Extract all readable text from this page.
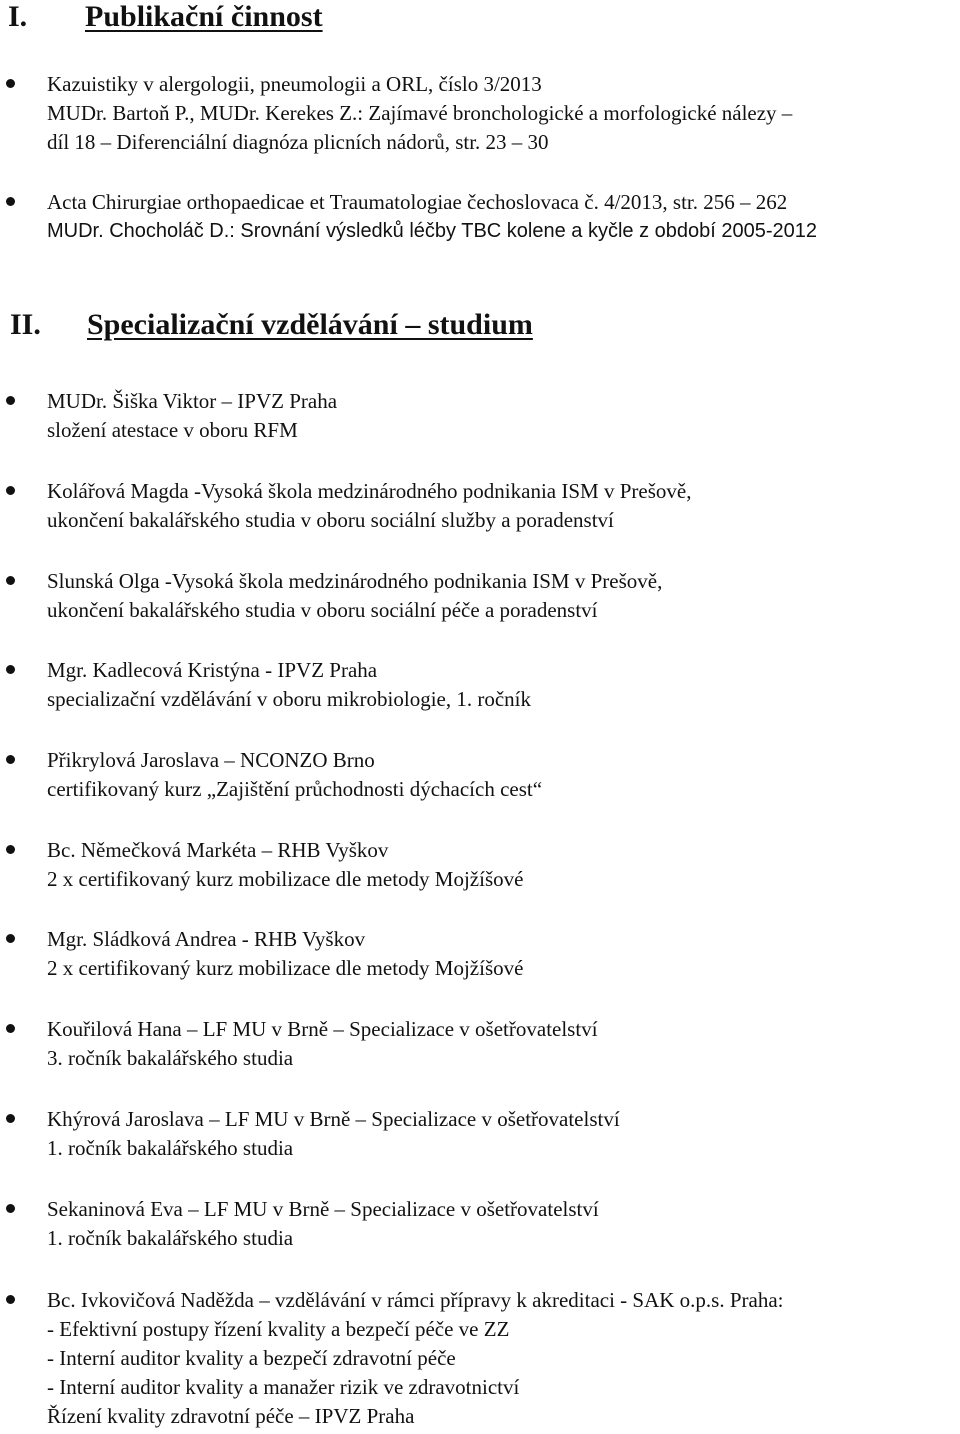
I. Publikační činnost
Kazuistiky v alergologii, pneumologii a ORL, číslo 3/2013
MUDr. Bartoň P., MUDr. Kerekes Z.: Zajímavé bronchologické a morfologické nálezy –
díl 18 – Diferenciální diagnóza plicních nádorů, str. 23 – 30
Acta Chirurgiae orthopaedicae et Traumatologiae čechoslovaca č. 4/2013, str. 256 – 262
MUDr. Chocholáč D.: Srovnání výsledků léčby TBC kolene a kyčle z období 2005-2012
II. Specializační vzdělávání – studium
MUDr. Šiška Viktor – IPVZ Praha
složení atestace v oboru RFM
Kolářová Magda -Vysoká škola medzinárodného podnikania ISM v Prešově,
ukončení bakalářského studia v oboru sociální služby a poradenství
Slunská Olga -Vysoká škola medzinárodného podnikania ISM v Prešově,
ukončení bakalářského studia v oboru sociální péče a poradenství
Mgr. Kadlecová Kristýna - IPVZ Praha
specializační vzdělávání v oboru mikrobiologie, 1. ročník
Přikrylová Jaroslava – NCONZO Brno
certifikovaný kurz „Zajištění průchodnosti dýchacích cest“
Bc. Němečková Markéta – RHB Vyškov
2 x certifikovaný kurz mobilizace dle metody Mojžíšové
Mgr. Sládková Andrea - RHB Vyškov
2 x certifikovaný kurz mobilizace dle metody Mojžíšové
Kouřilová Hana – LF MU v Brně – Specializace v ošetřovatelství
3. ročník bakalářského studia
Khýrová Jaroslava – LF MU v Brně – Specializace v ošetřovatelství
1. ročník bakalářského studia
Sekaninová Eva – LF MU v Brně – Specializace v ošetřovatelství
1. ročník bakalářského studia
Bc. Ivkovičová Naděžda – vzdělávání v rámci přípravy k akreditaci - SAK o.p.s. Praha:
- Efektivní postupy řízení kvality a bezpečí péče ve ZZ
- Interní auditor kvality a bezpečí zdravotní péče
- Interní auditor kvality a manažer rizik ve zdravotnictví
Řízení kvality zdravotní péče – IPVZ Praha
